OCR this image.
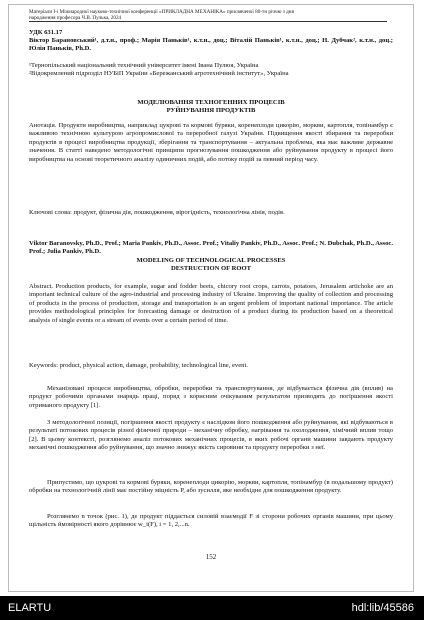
Матеріали І-і Міжнародної науково-технічної конференції «ПРИКЛАДНА МЕХАНІКА» присвяченої 80-ти річчю з дня
народження професора Ч.В. Пулька, 2024
УДК 631.17
Віктор Барановський¹, д.т.н., проф.; Марія Паньків¹, к.т.н., доц.; Віталій Паньків¹, к.т.н., доц.; Н. Дубчак², к.т.н., доц.; Юлія Паньків, Ph.D.
¹Тернопільський національний технічний університет імені Івана Пулюя, Україна
²Відокремлений підрозділ НУБіП України «Бережанський агротехнічний інститут», Україна
МОДЕЛЮВАННЯ ТЕХНОГЕННИХ ПРОЦЕСІВ
РУЙНУВАННЯ ПРОДУКТІВ
Анотація. Продукти виробництва, наприклад цукрові та кормові буряки, коренеплоди цикорію, моркви, картопля, топінамбур є важливою технічною культурою агропромислової та переробної галузі України. Підвищення якості збирання та переробки продуктів в процесі виробництва продукції, зберігання та транспортування – актуальна проблема, яка має важливе державне значення. В статті наведено методологічні принципи прогнозування пошкодження або руйнування продукту в процесі його виробництва на основі теоретичного аналізу одиничних подій, або потоку подій за певний період часу.
Ключові слова: продукт, фізична дія, пошкодження, вірогідність, технологічна лінія, подія.
Viktor Baranovsky, Ph.D., Prof.; Maria Pankiv, Ph.D., Assoc. Prof.; Vitaliy Pankiv, Ph.D., Assoc. Prof.; N. Dubchak, Ph.D., Assoc. Prof.; Julia Pankiv, Ph.D.
MODELING OF TECHNOLOGICAL PROCESSES
DESTRUCTION OF ROOT
Abstract. Production products, for example, sugar and fodder beets, chicory root crops, carrots, potatoes, Jerusalem artichoke are an important technical culture of the agro-industrial and processing industry of Ukraine. Improving the quality of collection and processing of products in the process of production, storage and transportation is an urgent problem of important national importance. The article provides methodological principles for forecasting damage or destruction of a product during its production based on a theoretical analysis of single events or a stream of events over a certain period of time.
Keywords: product, physical action, damage, probability, technological line, event.
Механізовані процеси виробництва, обробки, переробки та транспортування, де відбувається фізична дія (вплив) на продукт робочими органами знарядь праці, поряд з корисним очікуваним результатом призводять до погіршення якості отриманого продукту [1].
З методологічної позиції, погіршення якості продукту є наслідком його пошкодження або руйнування, які відбуваються в результаті потокових процесів різної фізичної природи – механічну обробку, нагрівання та охолодження, хімічний вплив тощо [2]. В цьому контексті, розглянемо аналіз потокових механічних процесів, в яких робочі органи машини завдають продукту механічні пошкодження або руйнування, що значно знижує якість сировини та продукту переробки з неї.
Припустимо, що цукрові та кормові буряки, коренеплоди цикорію, моркви, картопля, топінамбур (в подальшому продукт) обробки на технологічній лінії має постійну міцність P, або зусилля, яке необхідне для пошкодження продукту.
Розглянемо n точок (рис. 1), де продукт піддається силовій взаємодії F зі сторони робочих органів машини, при цьому щільність ймовірності якого дорівнює w_i(F), i = 1, 2,...n.
152
ELARTU	hdl:lib/45586
